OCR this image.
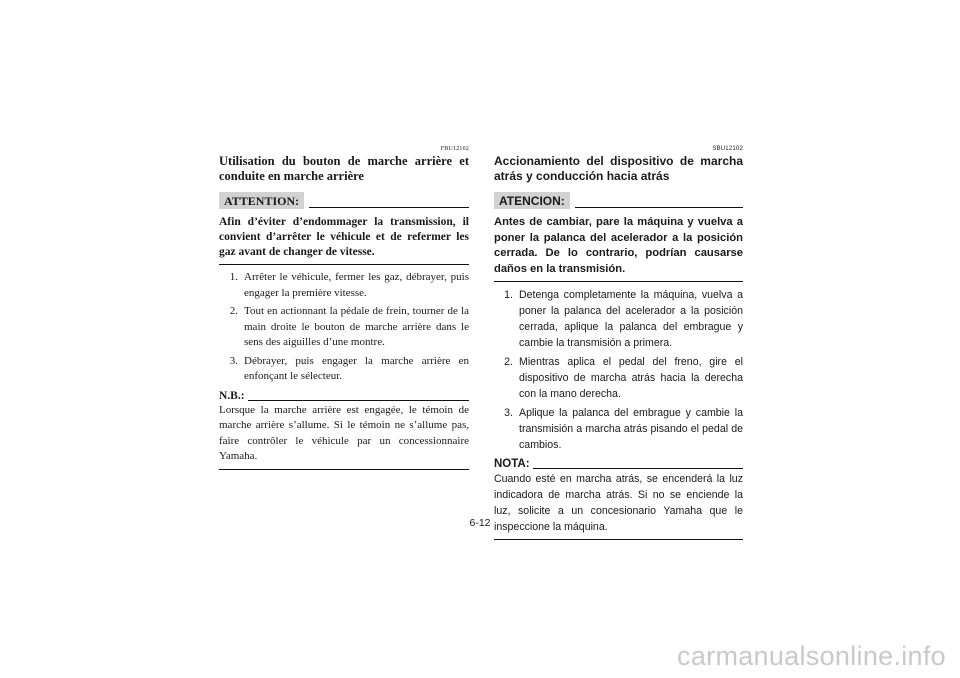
FBU12102
Utilisation du bouton de marche arrière et conduite en marche arrière
ATTENTION:
Afin d’éviter d’endommager la transmission, il convient d’arrêter le véhicule et de refermer les gaz avant de changer de vitesse.
1. Arrêter le véhicule, fermer les gaz, débrayer, puis engager la première vitesse.
2. Tout en actionnant la pédale de frein, tourner de la main droite le bouton de marche arrière dans le sens des aiguilles d’une montre.
3. Débrayer, puis engager la marche arrière en enfonçant le sélecteur.
N.B.:
Lorsque la marche arrière est engagée, le témoin de marche arrière s’allume. Si le témoin ne s’allume pas, faire contrôler le véhicule par un concessionnaire Yamaha.
SBU12102
Accionamiento del dispositivo de marcha atrás y conducción hacia atrás
ATENCION:
Antes de cambiar, pare la máquina y vuelva a poner la palanca del acelerador a la posición cerrada. De lo contrario, podrían causarse daños en la transmisión.
1. Detenga completamente la máquina, vuelva a poner la palanca del acelerador a la posición cerrada, aplique la palanca del embrague y cambie la transmisión a primera.
2. Mientras aplica el pedal del freno, gire el dispositivo de marcha atrás hacia la derecha con la mano derecha.
3. Aplique la palanca del embrague y cambie la transmisión a marcha atrás pisando el pedal de cambios.
NOTA:
Cuando esté en marcha atrás, se encenderá la luz indicadora de marcha atrás. Si no se enciende la luz, solicite a un concesionario Yamaha que le inspeccione la máquina.
6-12
carmanualsonline.info
